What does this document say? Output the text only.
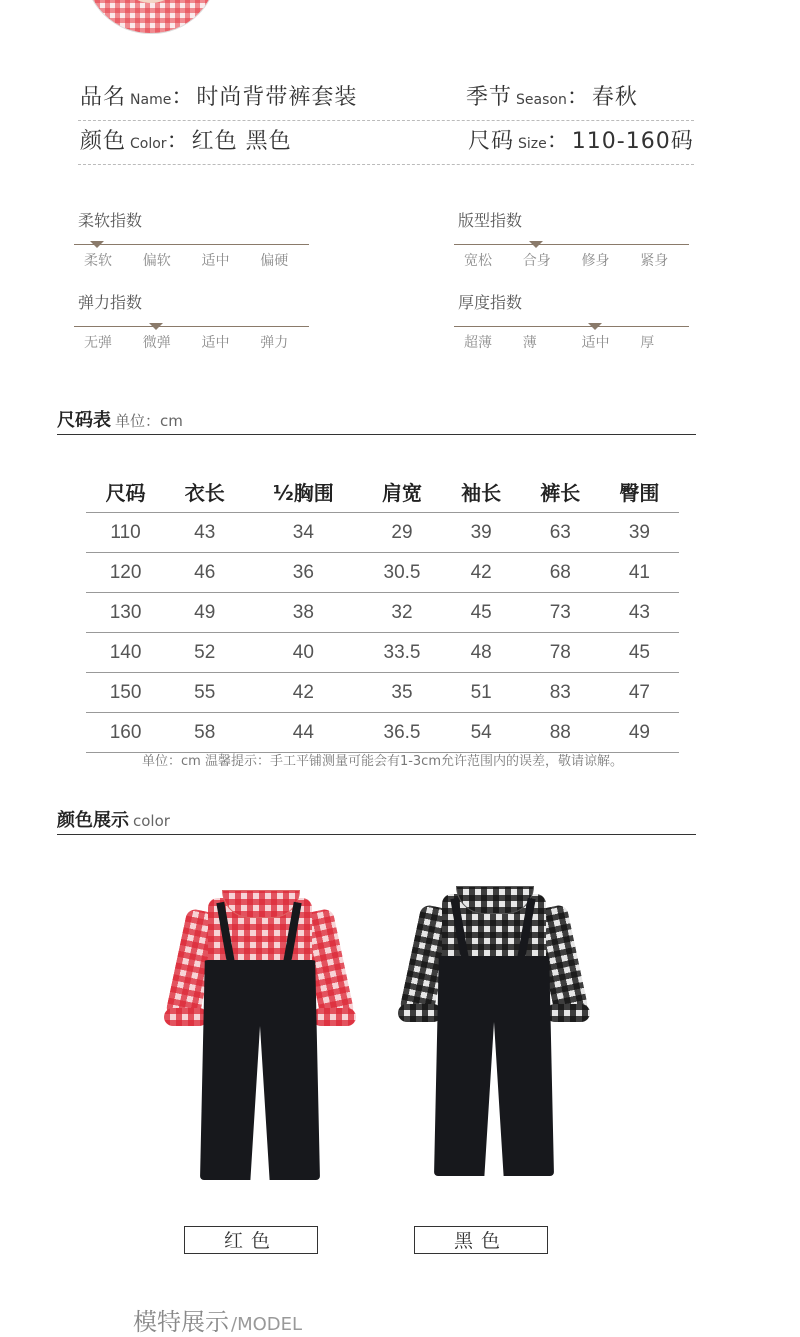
品名 Name：时尚背带裤套装	季节 Season：春秋
颜色 Color：红色 黑色	尺码 Size：110-160码
柔软指数
柔软 偏软 适中 偏硬
版型指数
宽松 合身 修身 紧身
弹力指数
无弹 微弹 适中 弹力
厚度指数
超薄 薄	适中 厚
尺码表 单位：cm
尺码	衣长	½胸围	肩宽	袖长	裤长	臀围
110	43	34	29	39	63	39
120	46	36	30.5	42	68	41
130	49	38	32	45	73	43
140	52	40	33.5	48	78	45
150	55	42	35	51	83	47
160	58	44	36.5	54	88	49
单位：cm 温馨提示：手工平铺测量可能会有1-3cm允许范围内的误差，敬请谅解。
颜色展示 color
红色	黑色
模特展示 /MODEL
